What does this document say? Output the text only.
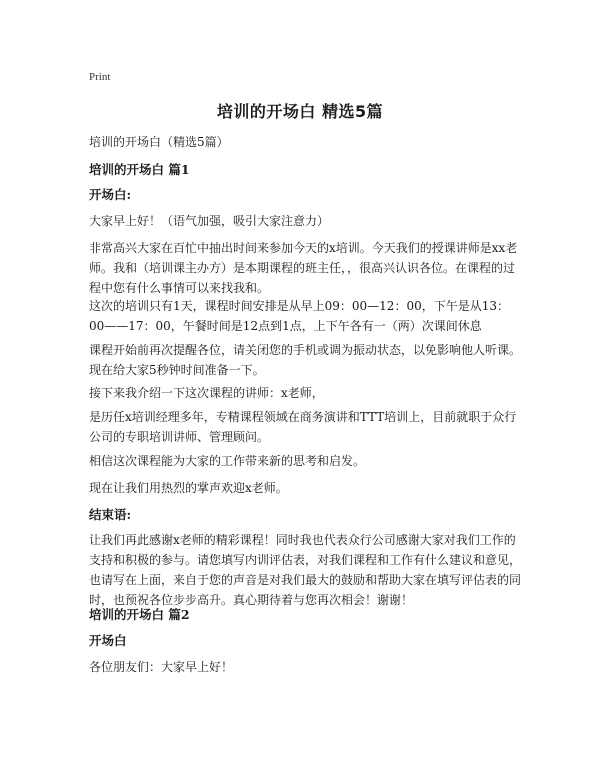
Print
培训的开场白 精选5篇

培训的开场白（精选5篇）

培训的开场白 篇1

开场白:

大家早上好！（语气加强，吸引大家注意力）

非常高兴大家在百忙中抽出时间来参加今天的x培训。今天我们的授课讲师是xx老师。我和（培训课主办方）是本期课程的班主任，，很高兴认识各位。在课程的过程中您有什么事情可以来找我和。

这次的培训只有1天，课程时间安排是从早上09：00—12：00，下午是从13：00——17：00，午餐时间是12点到1点，上下午各有一（两）次课间休息

课程开始前再次提醒各位，请关闭您的手机或调为振动状态，以免影响他人听课。现在给大家5秒钟时间准备一下。

接下来我介绍一下这次课程的讲师：x老师，

是历任x培训经理多年，专精课程领域在商务演讲和TTT培训上，目前就职于众行公司的专职培训讲师、管理顾问。

相信这次课程能为大家的工作带来新的思考和启发。

现在让我们用热烈的掌声欢迎x老师。

结束语:

让我们再此感谢x老师的精彩课程！同时我也代表众行公司感谢大家对我们工作的支持和积极的参与。请您填写内训评估表，对我们课程和工作有什么建议和意见，也请写在上面，来自于您的声音是对我们最大的鼓励和帮助大家在填写评估表的同时，也预祝各位步步高升。真心期待着与您再次相会！谢谢！

培训的开场白 篇2

开场白

各位朋友们：大家早上好！
